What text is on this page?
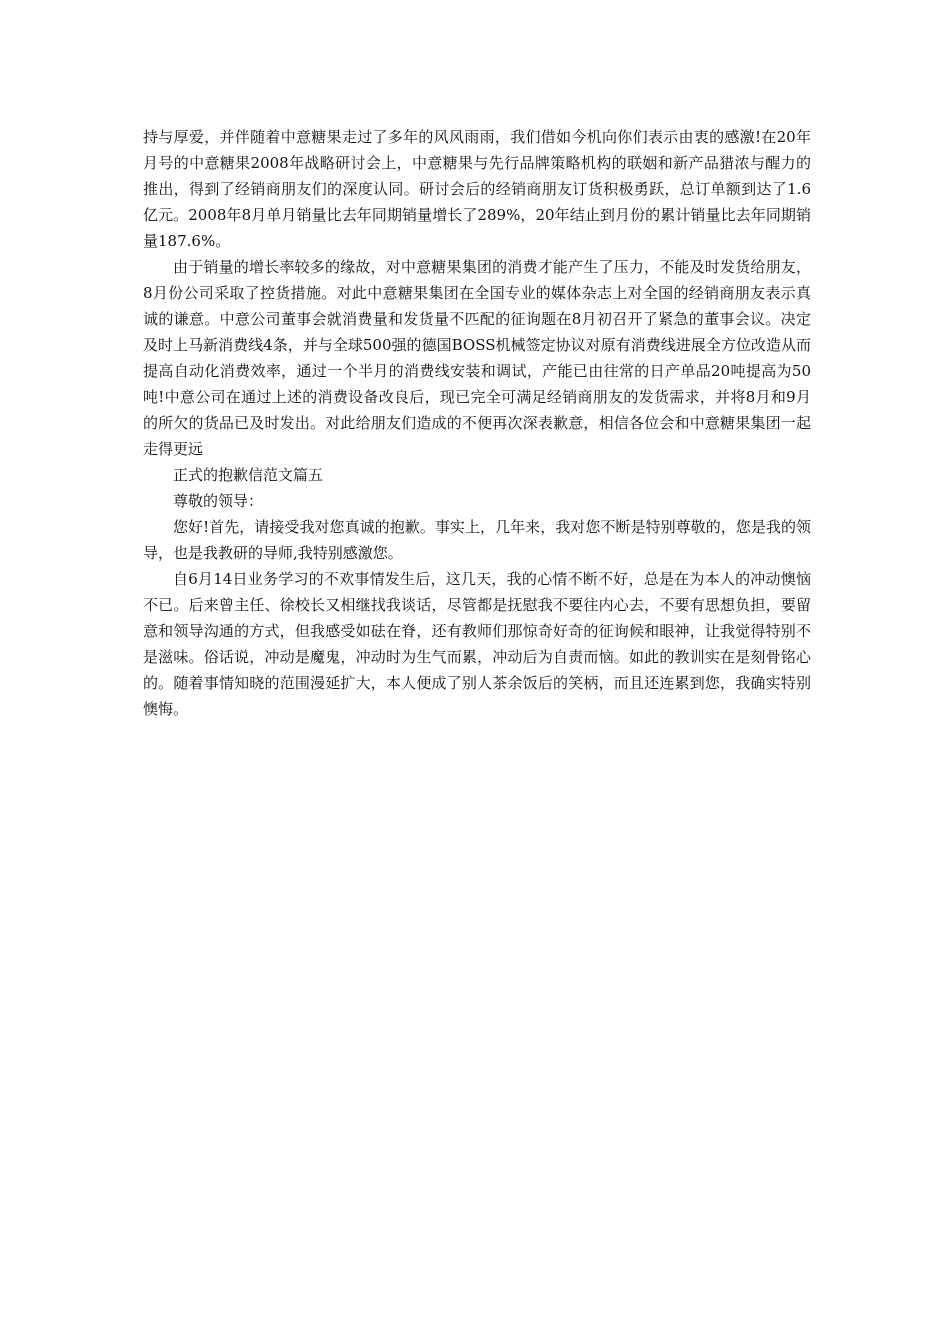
持与厚爱，并伴随着中意糖果走过了多年的风风雨雨，我们借如今机向你们表示由衷的感激!在20年月号的中意糖果2008年战略研讨会上，中意糖果与先行品牌策略机构的联姻和新产品猎浓与醒力的推出，得到了经销商朋友们的深度认同。研讨会后的经销商朋友订货积极勇跃，总订单额到达了1.6亿元。2008年8月单月销量比去年同期销量增长了289%，20年结止到月份的累计销量比去年同期销量187.6%。

由于销量的增长率较多的缘故，对中意糖果集团的消费才能产生了压力，不能及时发货给朋友，8月份公司采取了控货措施。对此中意糖果集团在全国专业的媒体杂志上对全国的经销商朋友表示真诚的谦意。中意公司董事会就消费量和发货量不匹配的征询题在8月初召开了紧急的董事会议。决定及时上马新消费线4条，并与全球500强的德国BOSS机械签定协议对原有消费线进展全方位改造从而提高自动化消费效率，通过一个半月的消费线安装和调试，产能已由往常的日产单品20吨提高为50吨!中意公司在通过上述的消费设备改良后，现已完全可满足经销商朋友的发货需求，并将8月和9月的所欠的货品已及时发出。对此给朋友们造成的不便再次深表歉意，相信各位会和中意糖果集团一起走得更远

正式的抱歉信范文篇五

尊敬的领导：

您好!首先，请接受我对您真诚的抱歉。事实上，几年来，我对您不断是特别尊敬的，您是我的领导，也是我教研的导师,我特别感激您。

自6月14日业务学习的不欢事情发生后，这几天，我的心情不断不好，总是在为本人的冲动懊恼不已。后来曾主任、徐校长又相继找我谈话，尽管都是抚慰我不要往内心去，不要有思想负担，要留意和领导沟通的方式，但我感受如砝在脊，还有教师们那惊奇好奇的征询候和眼神，让我觉得特别不是滋味。俗话说，冲动是魔鬼，冲动时为生气而累，冲动后为自责而恼。如此的教训实在是刻骨铭心的。随着事情知晓的范围漫延扩大，本人便成了别人茶余饭后的笑柄，而且还连累到您，我确实特别懊悔。
